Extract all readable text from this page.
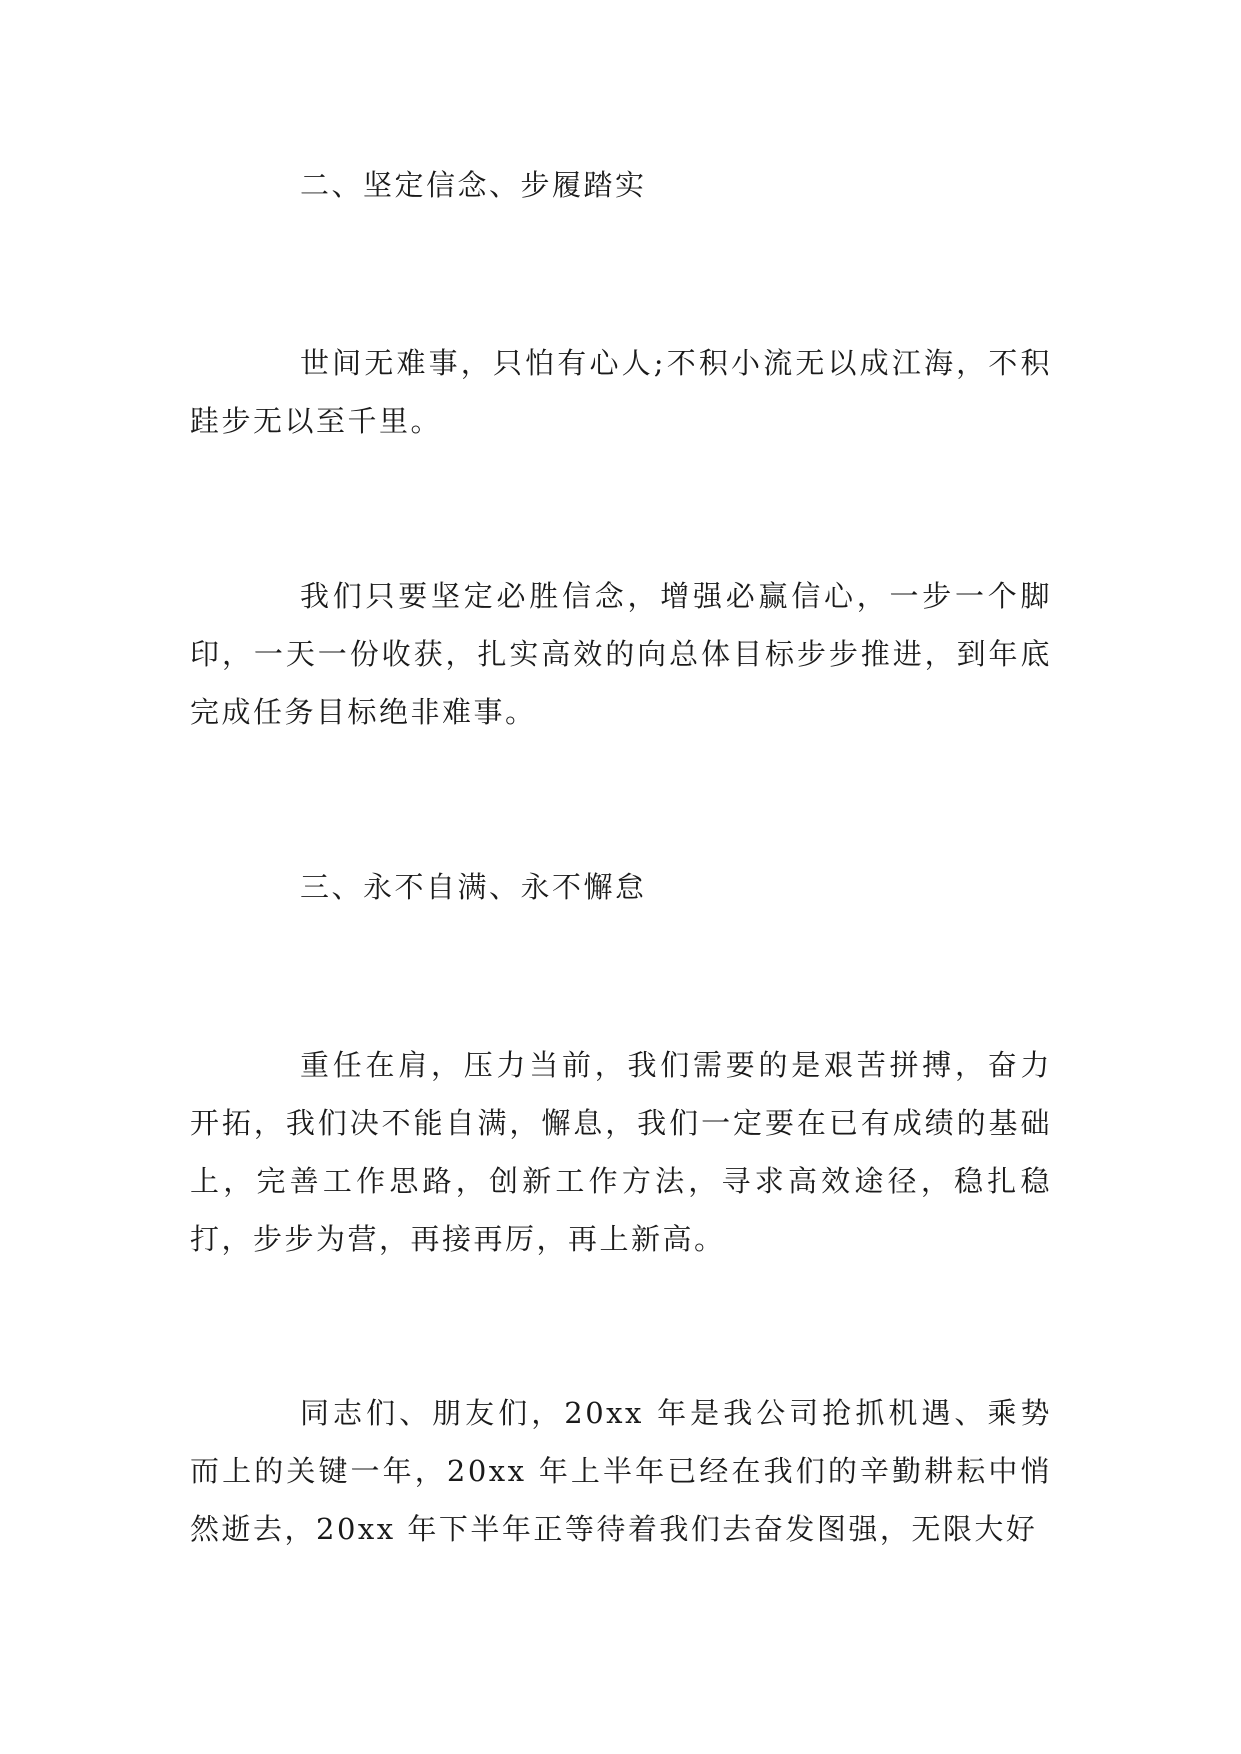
二、坚定信念、步履踏实

世间无难事，只怕有心人;不积小流无以成江海，不积跬步无以至千里。

我们只要坚定必胜信念，增强必赢信心，一步一个脚印，一天一份收获，扎实高效的向总体目标步步推进，到年底完成任务目标绝非难事。

三、永不自满、永不懈怠

重任在肩，压力当前，我们需要的是艰苦拼搏，奋力开拓，我们决不能自满，懈息，我们一定要在已有成绩的基础上，完善工作思路，创新工作方法，寻求高效途径，稳扎稳打，步步为营，再接再厉，再上新高。

同志们、朋友们，20xx 年是我公司抢抓机遇、乘势而上的关键一年，20xx 年上半年已经在我们的辛勤耕耘中悄然逝去，20xx 年下半年正等待着我们去奋发图强，无限大好
